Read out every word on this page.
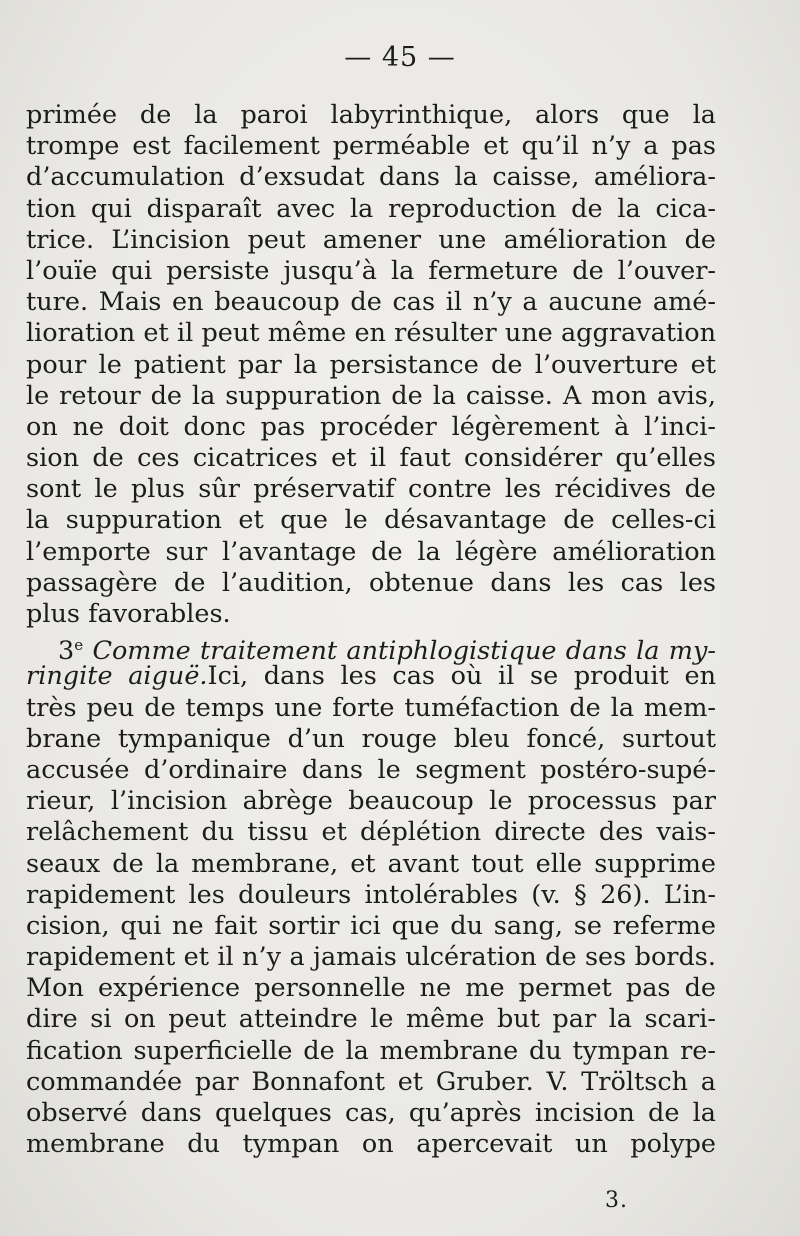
— 45 —
primée de la paroi labyrinthique, alors que la
trompe est facilement perméable et qu’il n’y a pas
d’accumulation d’exsudat dans la caisse, améliora-
tion qui disparaît avec la reproduction de la cica-
trice. L’incision peut amener une amélioration de
l’ouïe qui persiste jusqu’à la fermeture de l’ouver-
ture. Mais en beaucoup de cas il n’y a aucune amé-
lioration et il peut même en résulter une aggravation
pour le patient par la persistance de l’ouverture et
le retour de la suppuration de la caisse. A mon avis,
on ne doit donc pas procéder légèrement à l’inci-
sion de ces cicatrices et il faut considérer qu’elles
sont le plus sûr préservatif contre les récidives de
la suppuration et que le désavantage de celles-ci
l’emporte sur l’avantage de la légère amélioration
passagère de l’audition, obtenue dans les cas les
plus favorables.
3e Comme traitement antiphlogistique dans la my-
ringite aiguë.Ici, dans les cas où il se produit en
très peu de temps une forte tuméfaction de la mem-
brane tympanique d’un rouge bleu foncé, surtout
accusée d’ordinaire dans le segment postéro-supé-
rieur, l’incision abrège beaucoup le processus par
relâchement du tissu et déplétion directe des vais-
seaux de la membrane, et avant tout elle supprime
rapidement les douleurs intolérables (v. § 26). L’in-
cision, qui ne fait sortir ici que du sang, se referme
rapidement et il n’y a jamais ulcération de ses bords.
Mon expérience personnelle ne me permet pas de
dire si on peut atteindre le même but par la scari-
fication superficielle de la membrane du tympan re-
commandée par Bonnafont et Gruber. V. Tröltsch a
observé dans quelques cas, qu’après incision de la
membrane du tympan on apercevait un polype
3.
